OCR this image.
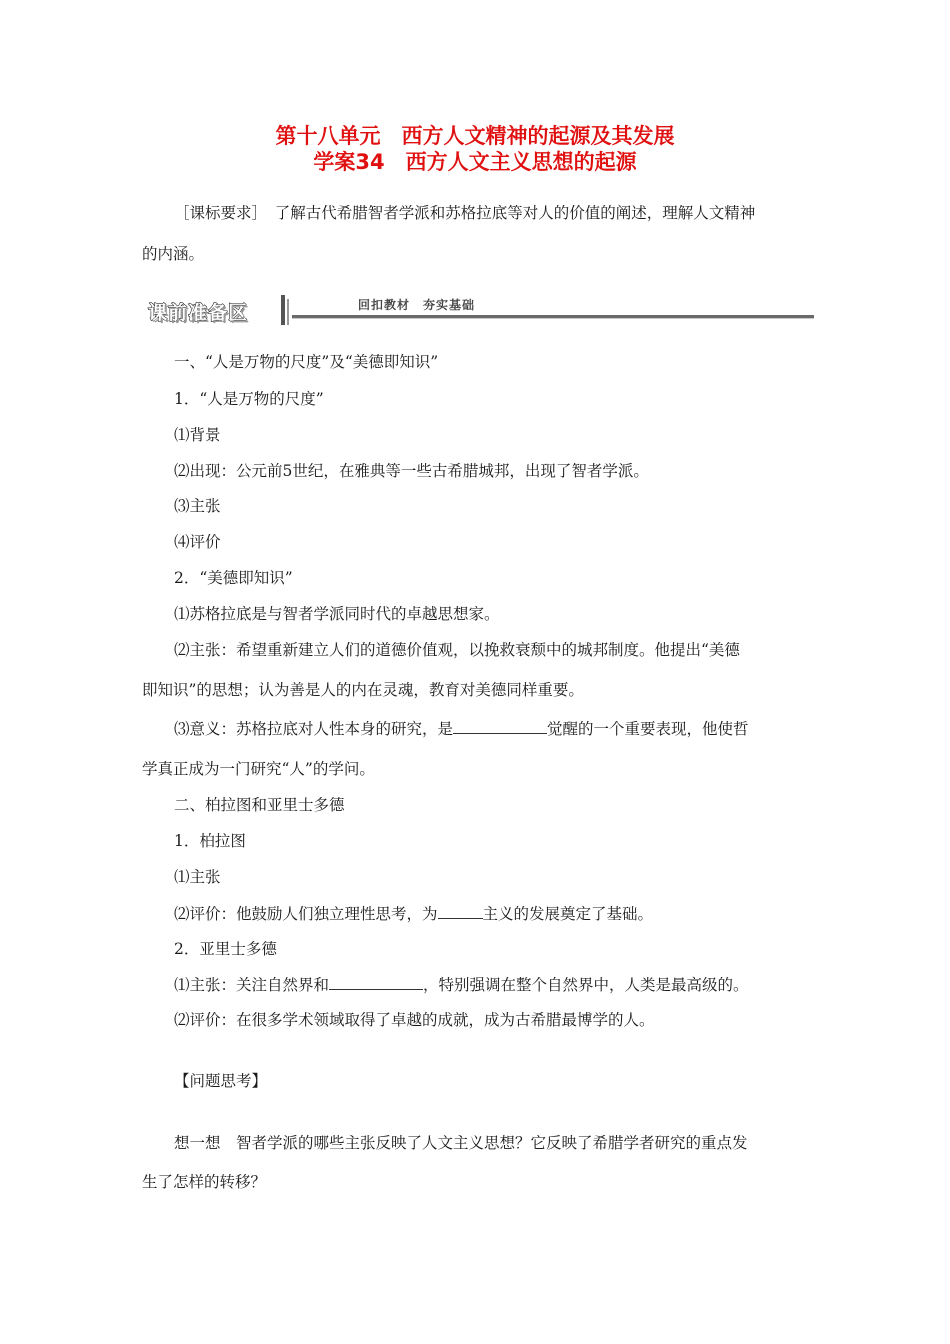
第十八单元　西方人文精神的起源及其发展
学案34　西方人文主义思想的起源
［课标要求］　了解古代希腊智者学派和苏格拉底等对人的价值的阐述，理解人文精神
的内涵。
课前准备区	回扣教材　夯实基础
一、“人是万物的尺度”及“美德即知识”
1．“人是万物的尺度”
⑴背景
⑵出现：公元前5世纪，在雅典等一些古希腊城邦，出现了智者学派。
⑶主张
⑷评价
2．“美德即知识”
⑴苏格拉底是与智者学派同时代的卓越思想家。
⑵主张：希望重新建立人们的道德价值观，以挽救衰颓中的城邦制度。他提出“美德
即知识”的思想；认为善是人的内在灵魂，教育对美德同样重要。
⑶意义：苏格拉底对人性本身的研究，是	觉醒的一个重要表现，他使哲
学真正成为一门研究“人”的学问。
二、柏拉图和亚里士多德
1．柏拉图
⑴主张
⑵评价：他鼓励人们独立理性思考，为	主义的发展奠定了基础。
2．亚里士多德
⑴主张：关注自然界和	，特别强调在整个自然界中，人类是最高级的。
⑵评价：在很多学术领域取得了卓越的成就，成为古希腊最博学的人。
【问题思考】
想一想　智者学派的哪些主张反映了人文主义思想？它反映了希腊学者研究的重点发
生了怎样的转移？
